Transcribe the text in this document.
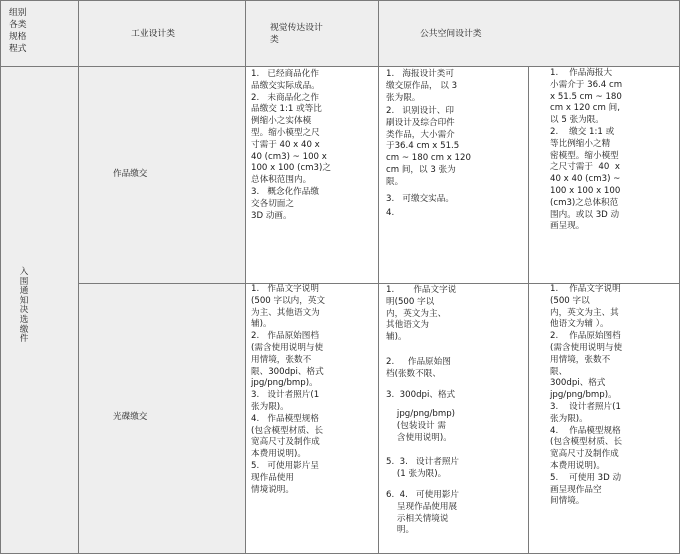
组别
各类
规格
程式
工业设计类
视觉传达设计
类
公共空间设计类
入围通知 决选缴件
作品缴交
1.   已经商品化作
品缴交实际成品。
2.   未商品化之作
品缴交 1:1 或等比
例缩小之实体模
型。缩小模型之尺
寸需于 40 x 40 x
40 (cm3) ~ 100 x
100 x 100 (cm3)之
总体积范围内。
3.   概念化作品缴
交各切面之
3D 动画。
1.   海报设计类可
缴交原作品， 以 3
张为限。
2.   识别设计、印
刷设计及综合印件
类作品，大小需介
于36.4 cm x 51.5
cm ~ 180 cm x 120
cm 间，以 3 张为
限。
3.   可缴交实品。
4.
1.    作品海报大
小需介于 36.4 cm
x 51.5 cm ~ 180
cm x 120 cm 间,
以 5 张为限。
2.    缴交 1:1 或
等比例缩小之精
密模型。缩小模型
之尺寸需于  40  x
40 x 40 (cm3) ~
100 x 100 x 100
(cm3)之总体积范
围内。或以 3D 动
画呈现。
光碟缴交
1.   作品文字说明
(500 字以内，英文
为主、其他语文为
辅)。
2.   作品原始图档
(需含使用说明与使
用情境，张数不
限、300dpi、格式
jpg/png/bmp)。
3.   设计者照片(1
张为限)。
4.   作品模型规格
(包含模型材质、长
宽高尺寸及制作成
本费用说明)。
5.   可使用影片呈
现作品使用
情境说明。
1.       作品文字说
明(500 字以
内，英文为主、
其他语文为
辅)。
2.     作品原始图
档(张数不限、
3.  300dpi、格式
jpg/png/bmp)
(包装设计 需
含使用说明)。
5.  3.   设计者照片
(1 张为限)。
6.  4.   可使用影片
呈现作品使用展
示相关情境说
明。
1.    作品文字说明
(500 字以
内，英文为主、其
他语文为辅 ）。
2.    作品原始图档
(需含使用说明与使
用情境，张数不
限、
300dpi、格式
jpg/png/bmp)。
3.    设计者照片(1
张为限)。
4.    作品模型规格
(包含模型材质、长
宽高尺寸及制作成
本费用说明)。
5.    可使用 3D 动
画呈现作品空
间情境。
